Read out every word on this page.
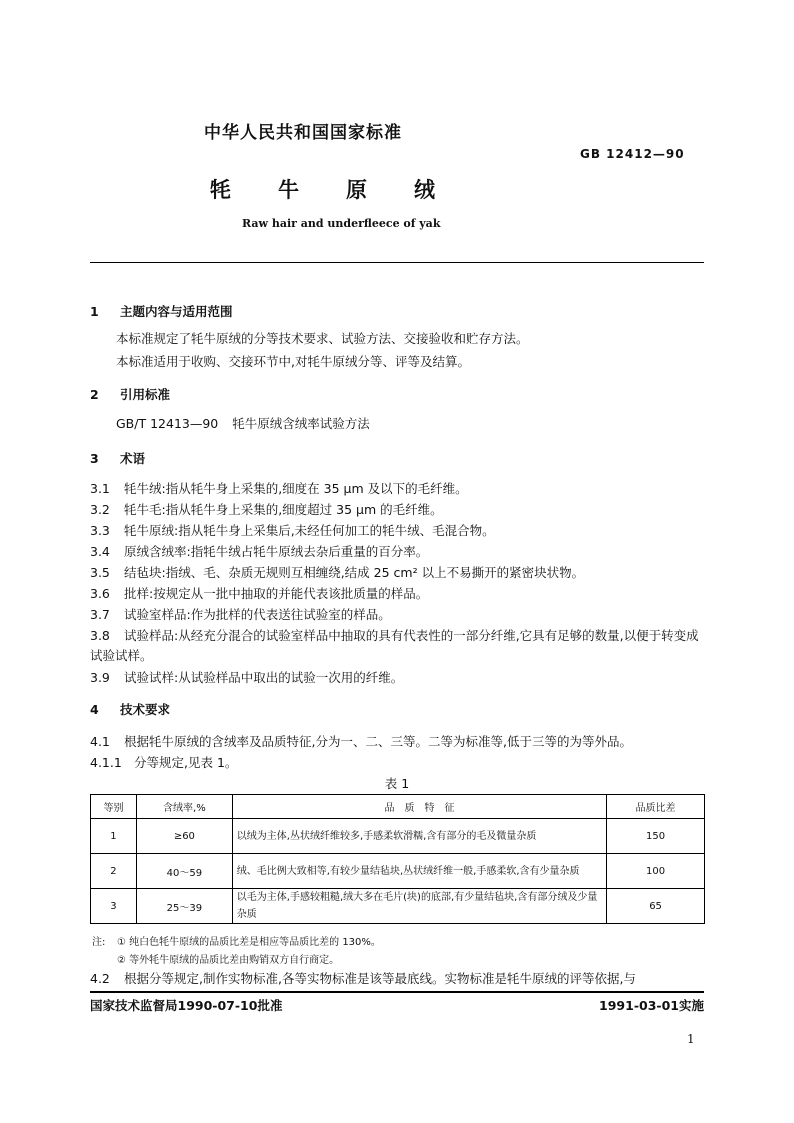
中华人民共和国国家标准
GB 12412—90
牦牛原绒
Raw hair and underfleece of yak
1 主题内容与适用范围
本标准规定了牦牛原绒的分等技术要求、试验方法、交接验收和贮存方法。
本标准适用于收购、交接环节中,对牦牛原绒分等、评等及结算。
2 引用标准
GB/T 12413—90 牦牛原绒含绒率试验方法
3 术语
3.1 牦牛绒:指从牦牛身上采集的,细度在 35 μm 及以下的毛纤维。
3.2 牦牛毛:指从牦牛身上采集的,细度超过 35 μm 的毛纤维。
3.3 牦牛原绒:指从牦牛身上采集后,未经任何加工的牦牛绒、毛混合物。
3.4 原绒含绒率:指牦牛绒占牦牛原绒去杂后重量的百分率。
3.5 结毡块:指绒、毛、杂质无规则互相缠绕,结成 25 cm² 以上不易撕开的紧密块状物。
3.6 批样:按规定从一批中抽取的并能代表该批质量的样品。
3.7 试验室样品:作为批样的代表送往试验室的样品。
3.8 试验样品:从经充分混合的试验室样品中抽取的具有代表性的一部分纤维,它具有足够的数量,以便于转变成试验试样。
3.9 试验试样:从试验样品中取出的试验一次用的纤维。
4 技术要求
4.1 根据牦牛原绒的含绒率及品质特征,分为一、二、三等。二等为标准等,低于三等的为等外品。
4.1.1 分等规定,见表 1。
表 1
等别	含绒率,%	品　质　特　征	品质比差
1	≥60	以绒为主体,丛状绒纤维较多,手感柔软滑糯,含有部分的毛及微量杂质	150
2	40～59	绒、毛比例大致相等,有较少量结毡块,丛状绒纤维一般,手感柔软,含有少量杂质	100
3	25～39	以毛为主体,手感较粗糙,绒大多在毛片(块)的底部,有少量结毡块,含有部分绒及少量杂质	65
注: ① 纯白色牦牛原绒的品质比差是相应等品质比差的 130%。
② 等外牦牛原绒的品质比差由购销双方自行商定。
4.2 根据分等规定,制作实物标准,各等实物标准是该等最底线。实物标准是牦牛原绒的评等依据,与
国家技术监督局1990-07-10批准	1991-03-01实施
1
